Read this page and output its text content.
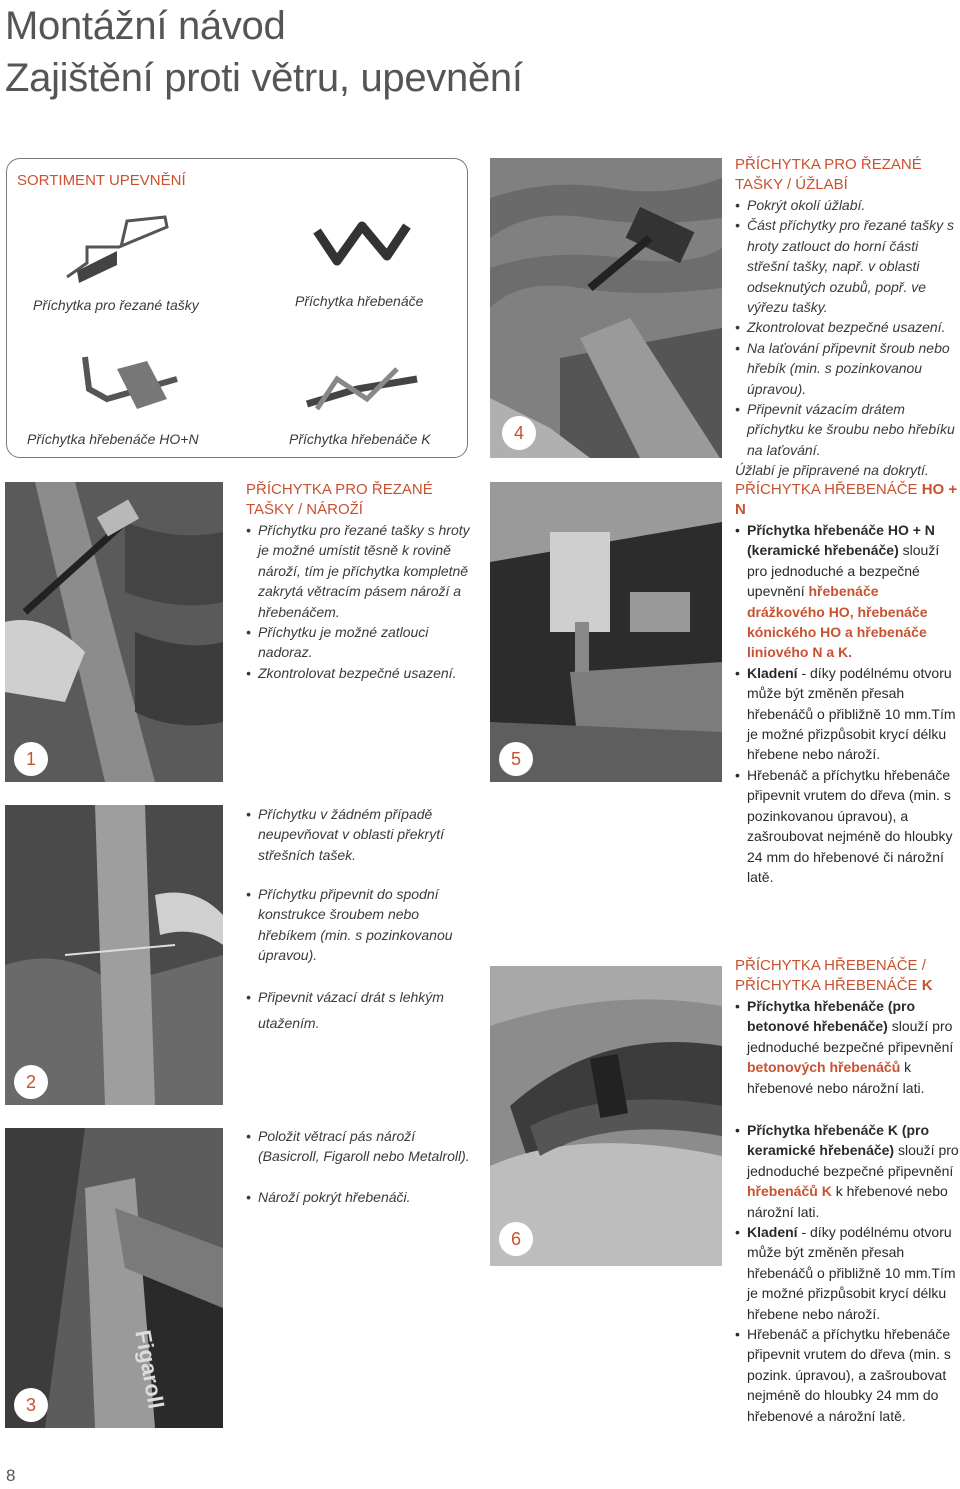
Montážní návod
Zajištění proti větru, upevnění
SORTIMENT UPEVNĚNÍ
Příchytka pro řezané tašky	Příchytka hřebenáče
Příchytka hřebenáče HO+N	Příchytka hřebenáče K	4
PŘÍCHYTKA PRO ŘEZANÉ
TAŠKY / ÚŽLABÍ
• Pokrýt okolí úžlabí.
• Část příchytky pro řezané tašky s hroty zatlouct do horní části střešní tašky, např. v oblasti odseknutých ozubů, popř. ve výřezu tašky.
• Zkontrolovat bezpečné usazení.
• Na laťování připevnit šroub nebo hřebík (min. s pozinkovanou úpravou).
• Připevnit vázacím drátem příchytku ke šroubu nebo hřebíku na laťování.
Úžlabí je připravené na dokrytí.
1
PŘÍCHYTKA PRO ŘEZANÉ
TAŠKY / NÁROŽÍ
• Příchytku pro řezané tašky s hroty je možné umístit těsně k rovině nároží, tím je příchytka kompletně zakrytá větracím pásem nároží a hřebenáčem.
• Příchytku je možné zatlouci nadoraz.
• Zkontrolovat bezpečné usazení.
• Příchytku v žádném případě neupevňovat v oblasti překrytí střešních tašek.
2
• Příchytku připevnit do spodní konstrukce šroubem nebo hřebíkem (min. s pozinkovanou úpravou).
• Připevnit vázací drát s lehkým utažením.
Figaroll
3
• Položit větrací pás nároží (Basicroll, Figaroll nebo Metalroll).
• Nároží pokrýt hřebenáči.
5
PŘÍCHYTKA HŘEBENÁČE HO + N
• Příchytka hřebenáče HO + N (keramické hřebenáče) slouží pro jednoduché a bezpečné upevnění hřebenáče drážkového HO, hřebenáče kónického HO a hřebenáče liniového N a K.
• Kladení - díky podélnému otvoru může být změněn přesah hřebenáčů o přibližně 10 mm.Tím je možné přizpůsobit krycí délku hřebene nebo nároží.
• Hřebenáč a příchytku hřebenáče připevnit vrutem do dřeva (min. s pozinkovanou úpravou), a zašroubovat nejméně do hloubky 24 mm do hřebenové či nárožní latě.
6
PŘÍCHYTKA HŘEBENÁČE /
PŘÍCHYTKA HŘEBENÁČE K
• Příchytka hřebenáče (pro betonové hřebenáče) slouží pro jednoduché bezpečné připevnění betonových hřebenáčů k hřebenové nebo nárožní lati.
• Příchytka hřebenáče K (pro keramické hřebenáče) slouží pro jednoduché bezpečné připevnění hřebenáčů K k hřebenové nebo nárožní lati.
• Kladení - díky podélnému otvoru může být změněn přesah hřebenáčů o přibližně 10 mm.Tím je možné přizpůsobit krycí délku hřebene nebo nároží.
• Hřebenáč a příchytku hřebenáče připevnit vrutem do dřeva (min. s pozink. úpravou), a zašroubovat nejméně do hloubky 24 mm do hřebenové a nárožní latě.
8
